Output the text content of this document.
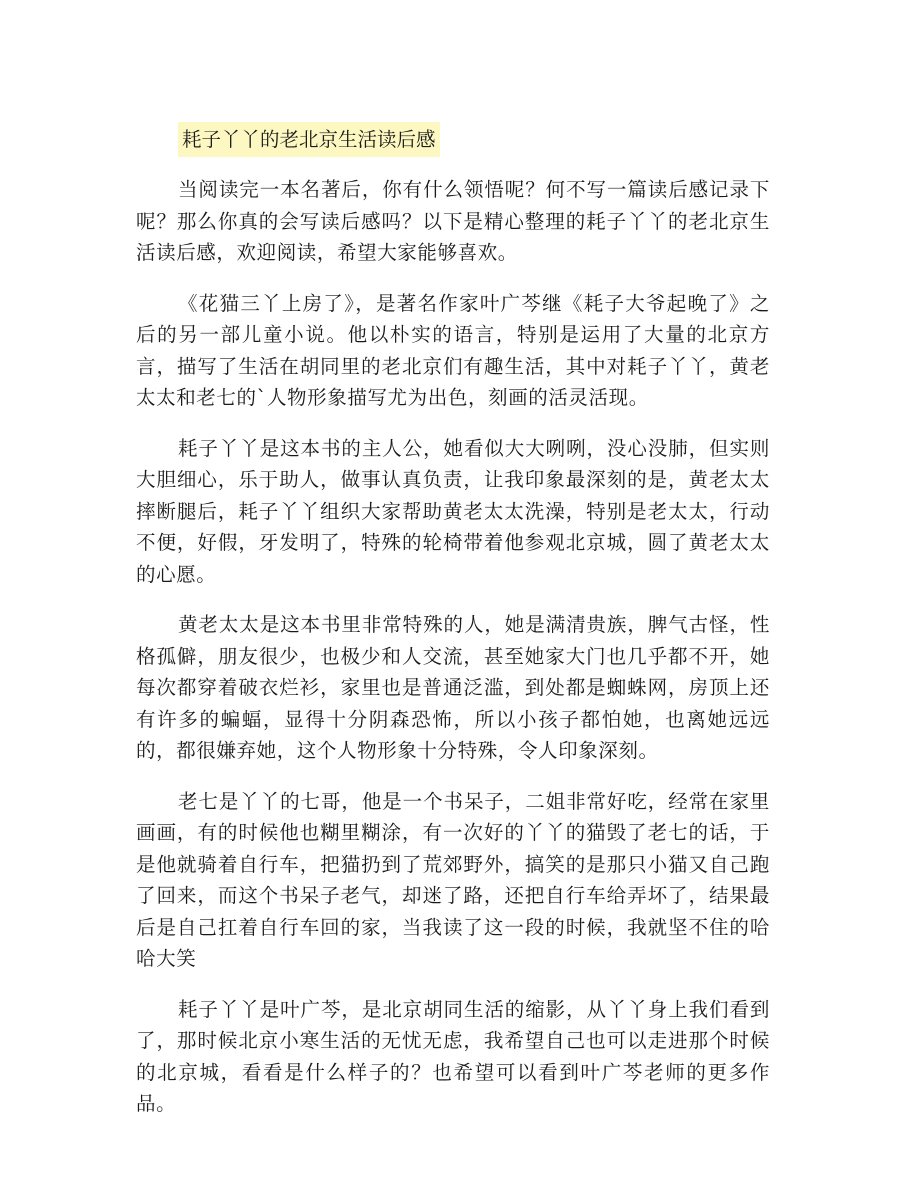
耗子丫丫的老北京生活读后感

当阅读完一本名著后，你有什么领悟呢？何不写一篇读后感记录下呢？那么你真的会写读后感吗？以下是精心整理的耗子丫丫的老北京生活读后感，欢迎阅读，希望大家能够喜欢。

《花猫三丫上房了》，是著名作家叶广芩继《耗子大爷起晚了》之后的另一部儿童小说。他以朴实的语言，特别是运用了大量的北京方言，描写了生活在胡同里的老北京们有趣生活，其中对耗子丫丫，黄老太太和老七的`人物形象描写尤为出色，刻画的活灵活现。

耗子丫丫是这本书的主人公，她看似大大咧咧，没心没肺，但实则大胆细心，乐于助人，做事认真负责，让我印象最深刻的是，黄老太太摔断腿后，耗子丫丫组织大家帮助黄老太太洗澡，特别是老太太，行动不便，好假，牙发明了，特殊的轮椅带着他参观北京城，圆了黄老太太的心愿。

黄老太太是这本书里非常特殊的人，她是满清贵族，脾气古怪，性格孤僻，朋友很少，也极少和人交流，甚至她家大门也几乎都不开，她每次都穿着破衣烂衫，家里也是普通泛滥，到处都是蜘蛛网，房顶上还有许多的蝙蝠，显得十分阴森恐怖，所以小孩子都怕她，也离她远远的，都很嫌弃她，这个人物形象十分特殊，令人印象深刻。

老七是丫丫的七哥，他是一个书呆子，二姐非常好吃，经常在家里画画，有的时候他也糊里糊涂，有一次好的丫丫的猫毁了老七的话，于是他就骑着自行车，把猫扔到了荒郊野外，搞笑的是那只小猫又自己跑了回来，而这个书呆子老气，却迷了路，还把自行车给弄坏了，结果最后是自己扛着自行车回的家，当我读了这一段的时候，我就坚不住的哈哈大笑

耗子丫丫是叶广芩，是北京胡同生活的缩影，从丫丫身上我们看到了，那时候北京小寒生活的无忧无虑，我希望自己也可以走进那个时候的北京城，看看是什么样子的？也希望可以看到叶广芩老师的更多作品。
